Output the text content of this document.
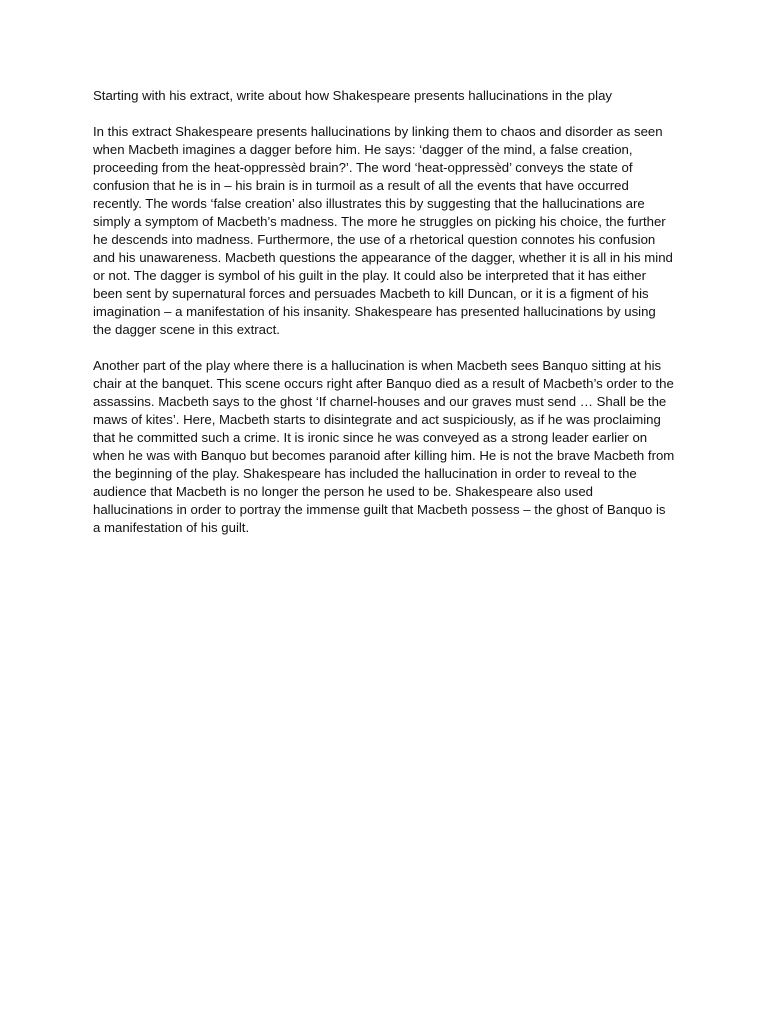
Starting with his extract, write about how Shakespeare presents hallucinations in the play

In this extract Shakespeare presents hallucinations by linking them to chaos and disorder as seen when Macbeth imagines a dagger before him. He says: ‘dagger of the mind, a false creation, proceeding from the heat-oppressèd brain?’. The word ‘heat-oppressèd’ conveys the state of confusion that he is in – his brain is in turmoil as a result of all the events that have occurred recently. The words ‘false creation’ also illustrates this by suggesting that the hallucinations are simply a symptom of Macbeth’s madness. The more he struggles on picking his choice, the further he descends into madness. Furthermore, the use of a rhetorical question connotes his confusion and his unawareness. Macbeth questions the appearance of the dagger, whether it is all in his mind or not. The dagger is symbol of his guilt in the play. It could also be interpreted that it has either been sent by supernatural forces and persuades Macbeth to kill Duncan, or it is a figment of his imagination – a manifestation of his insanity. Shakespeare has presented hallucinations by using the dagger scene in this extract.

Another part of the play where there is a hallucination is when Macbeth sees Banquo sitting at his chair at the banquet. This scene occurs right after Banquo died as a result of Macbeth’s order to the assassins. Macbeth says to the ghost ‘If charnel-houses and our graves must send … Shall be the maws of kites’. Here, Macbeth starts to disintegrate and act suspiciously, as if he was proclaiming that he committed such a crime. It is ironic since he was conveyed as a strong leader earlier on when he was with Banquo but becomes paranoid after killing him. He is not the brave Macbeth from the beginning of the play. Shakespeare has included the hallucination in order to reveal to the audience that Macbeth is no longer the person he used to be. Shakespeare also used hallucinations in order to portray the immense guilt that Macbeth possess – the ghost of Banquo is a manifestation of his guilt.
